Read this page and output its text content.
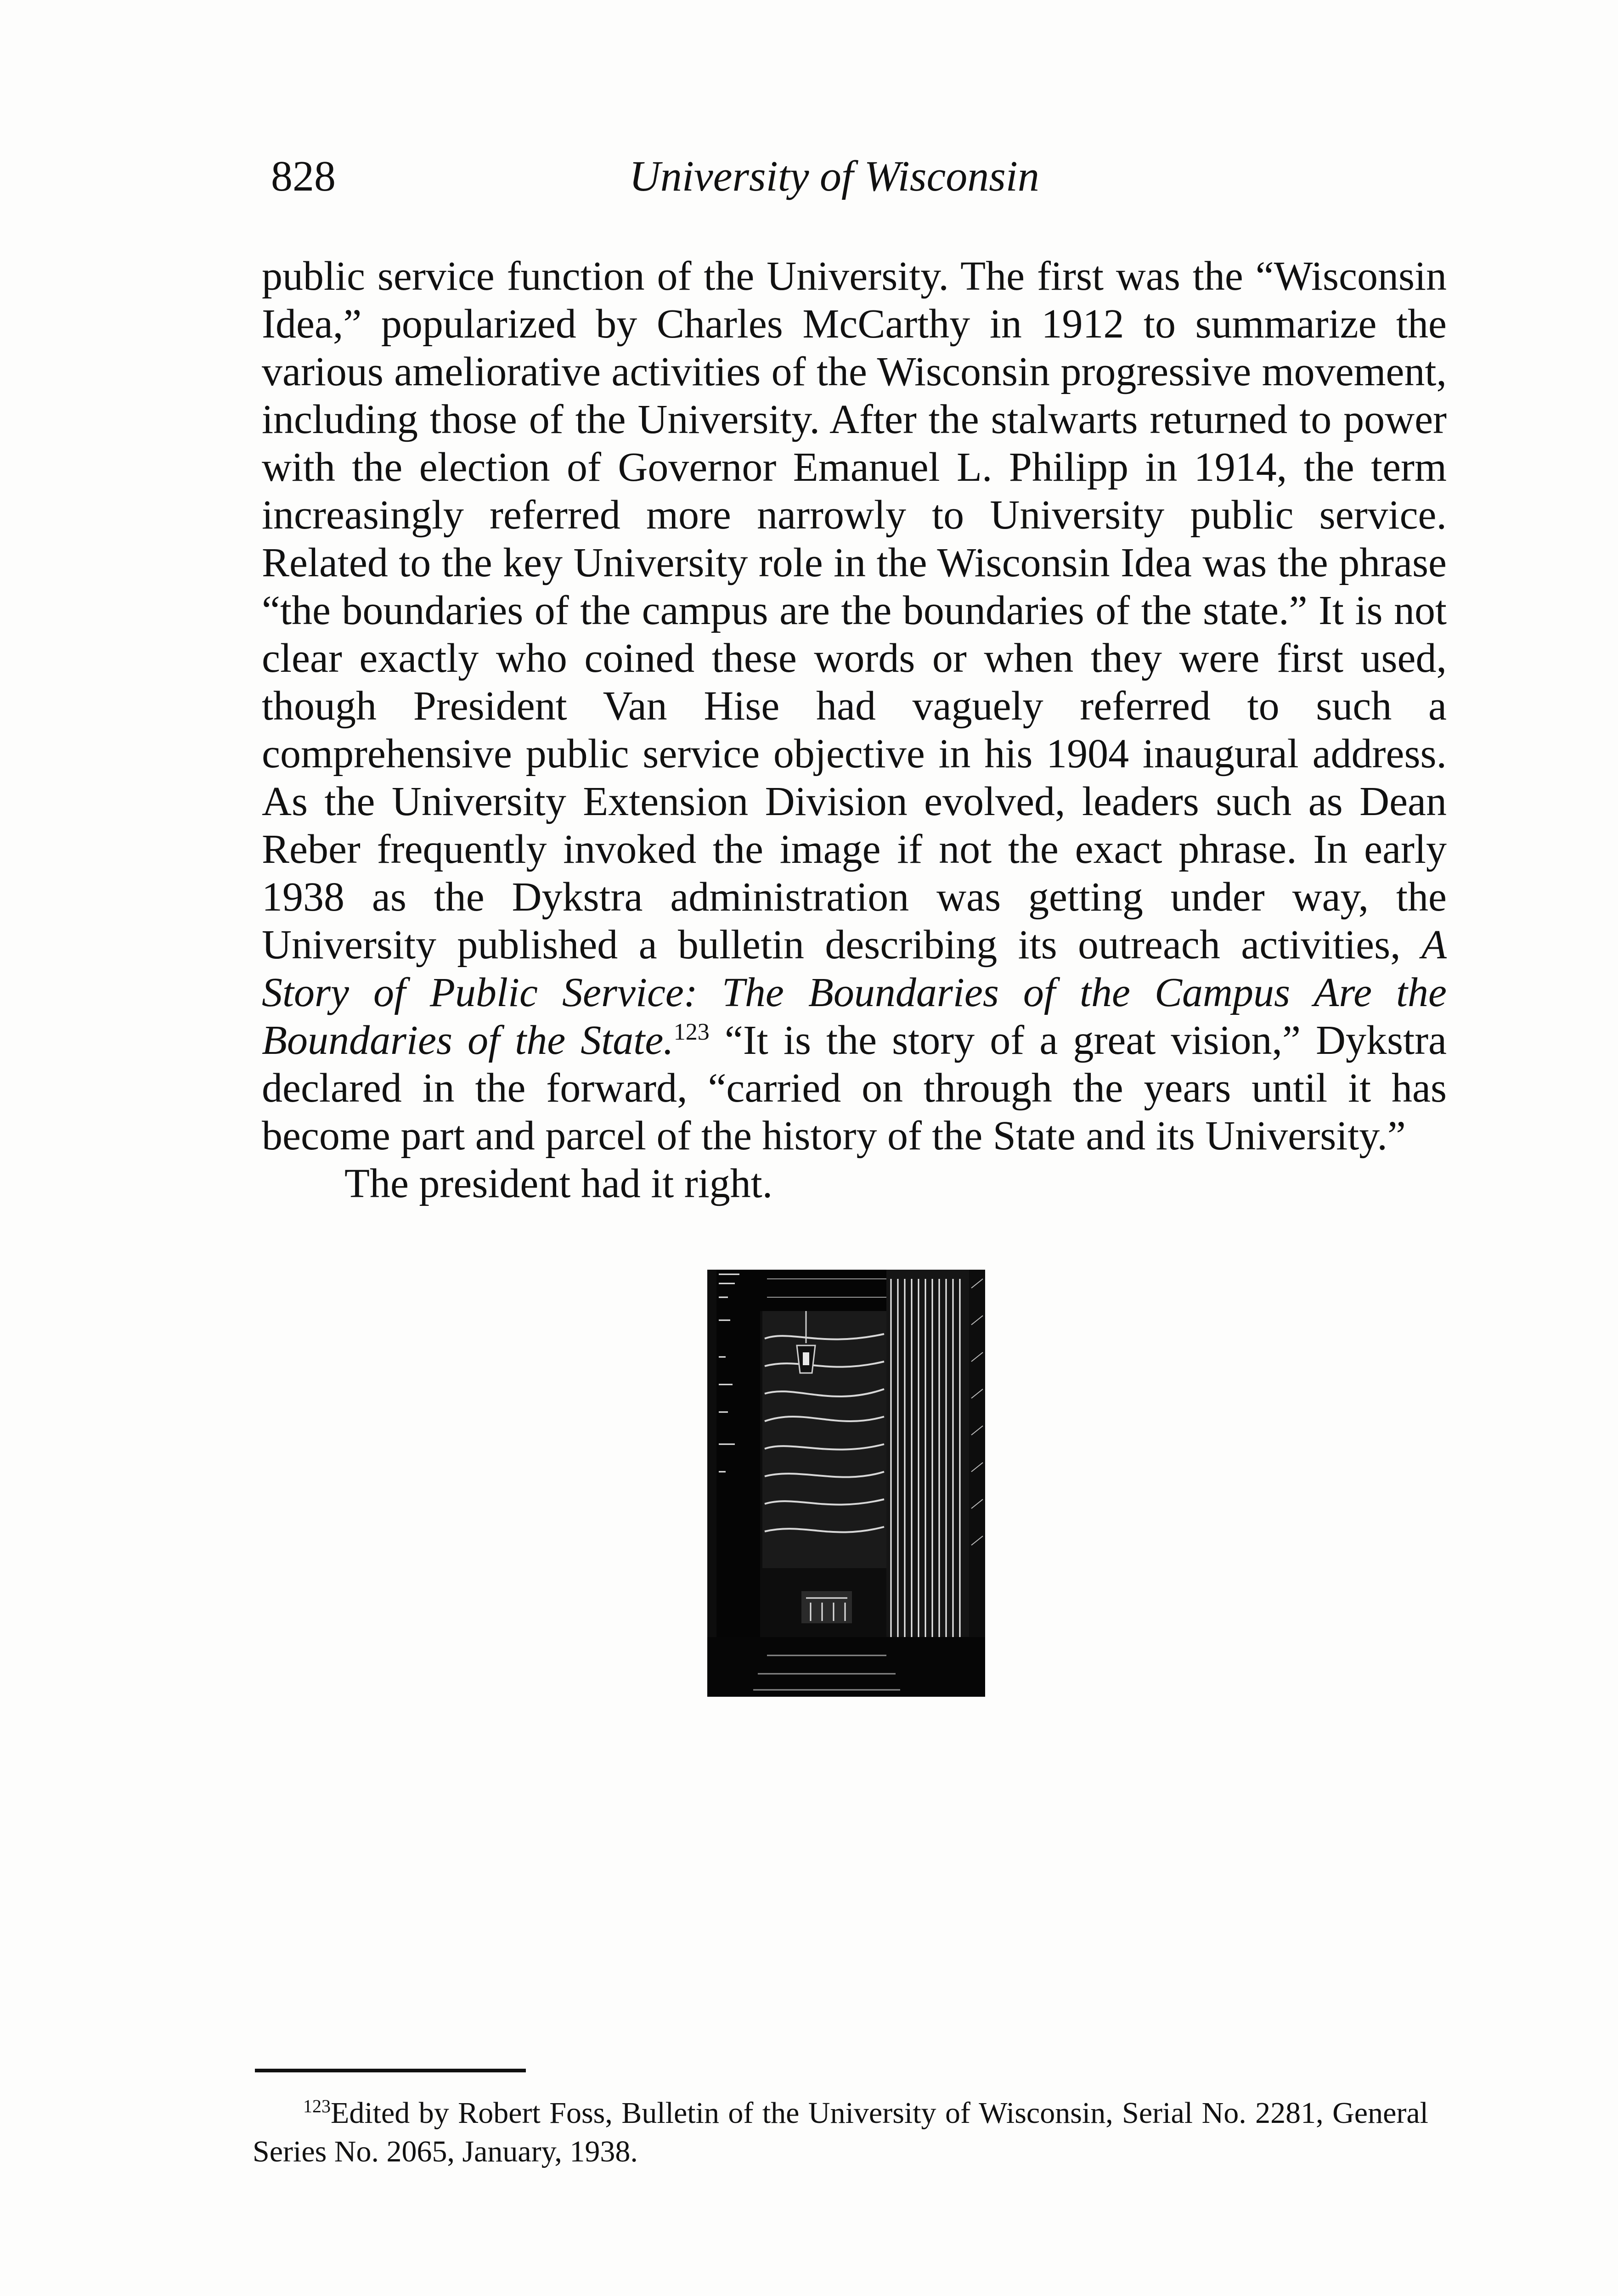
828	University of Wisconsin

public service function of the University. The first was the “Wisconsin Idea,” popularized by Charles McCarthy in 1912 to summarize the various ameliorative activities of the Wisconsin progressive movement, including those of the University. After the stalwarts returned to power with the election of Governor Emanuel L. Philipp in 1914, the term increasingly referred more narrowly to University public service. Related to the key University role in the Wisconsin Idea was the phrase “the boundaries of the campus are the boundaries of the state.” It is not clear exactly who coined these words or when they were first used, though President Van Hise had vaguely referred to such a comprehensive public service objective in his 1904 inaugural address. As the University Extension Division evolved, leaders such as Dean Reber frequently invoked the image if not the exact phrase. In early 1938 as the Dykstra administration was getting under way, the University published a bulletin describing its outreach activities, A Story of Public Service: The Boundaries of the Campus Are the Boundaries of the State.$^{123}$ “It is the story of a great vision,” Dykstra declared in the forward, “carried on through the years until it has become part and parcel of the history of the State and its University.”

The president had it right.

$^{123}$Edited by Robert Foss, Bulletin of the University of Wisconsin, Serial No. 2281, General Series No. 2065, January, 1938.
